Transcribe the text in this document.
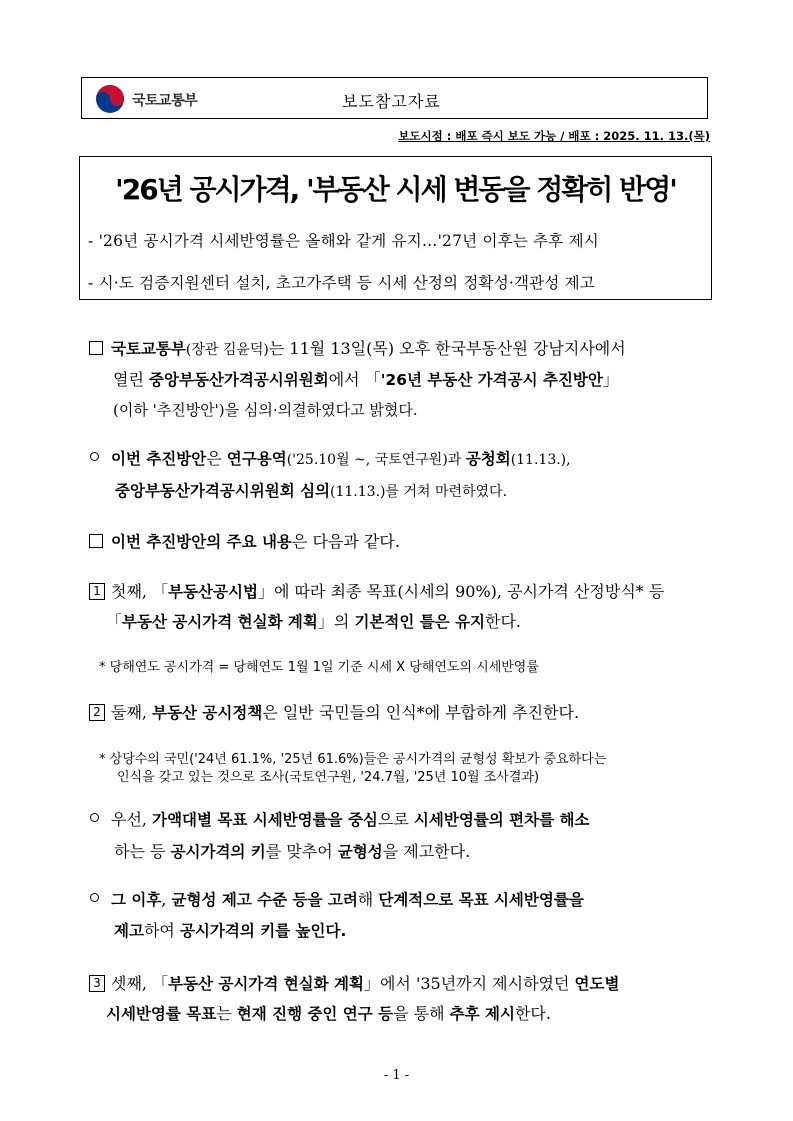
국토교통부	보도참고자료
보도시점 : 배포 즉시 보도 가능 / 배포 : 2025. 11. 13.(목)
'26년 공시가격, '부동산 시세 변동을 정확히 반영'
- '26년 공시가격 시세반영률은 올해와 같게 유지…'27년 이후는 추후 제시
- 시·도 검증지원센터 설치, 초고가주택 등 시세 산정의 정확성·객관성 제고
국토교통부(장관 김윤덕)는 11월 13일(목) 오후 한국부동산원 강남지사에서
열린 중앙부동산가격공시위원회에서 「'26년 부동산 가격공시 추진방안」
(이하 '추진방안')을 심의·의결하였다고 밝혔다.
이번 추진방안은 연구용역('25.10월 ~, 국토연구원)과 공청회(11.13.),
중앙부동산가격공시위원회 심의(11.13.)를 거쳐 마련하였다.
이번 추진방안의 주요 내용은 다음과 같다.
1 첫째, 「부동산공시법」에 따라 최종 목표(시세의 90%), 공시가격 산정방식* 등
「부동산 공시가격 현실화 계획」의 기본적인 틀은 유지한다.
* 당해연도 공시가격 = 당해연도 1월 1일 기준 시세 X 당해연도의 시세반영률
2 둘째, 부동산 공시정책은 일반 국민들의 인식*에 부합하게 추진한다.
* 상당수의 국민('24년 61.1%, '25년 61.6%)들은 공시가격의 균형성 확보가 중요하다는
인식을 갖고 있는 것으로 조사(국토연구원, '24.7월, '25년 10월 조사결과)
우선, 가액대별 목표 시세반영률을 중심으로 시세반영률의 편차를 해소
하는 등 공시가격의 키를 맞추어 균형성을 제고한다.
그 이후, 균형성 제고 수준 등을 고려해 단계적으로 목표 시세반영률을
제고하여 공시가격의 키를 높인다.
3 셋째, 「부동산 공시가격 현실화 계획」에서 '35년까지 제시하였던 연도별
시세반영률 목표는 현재 진행 중인 연구 등을 통해 추후 제시한다.
- 1 -
